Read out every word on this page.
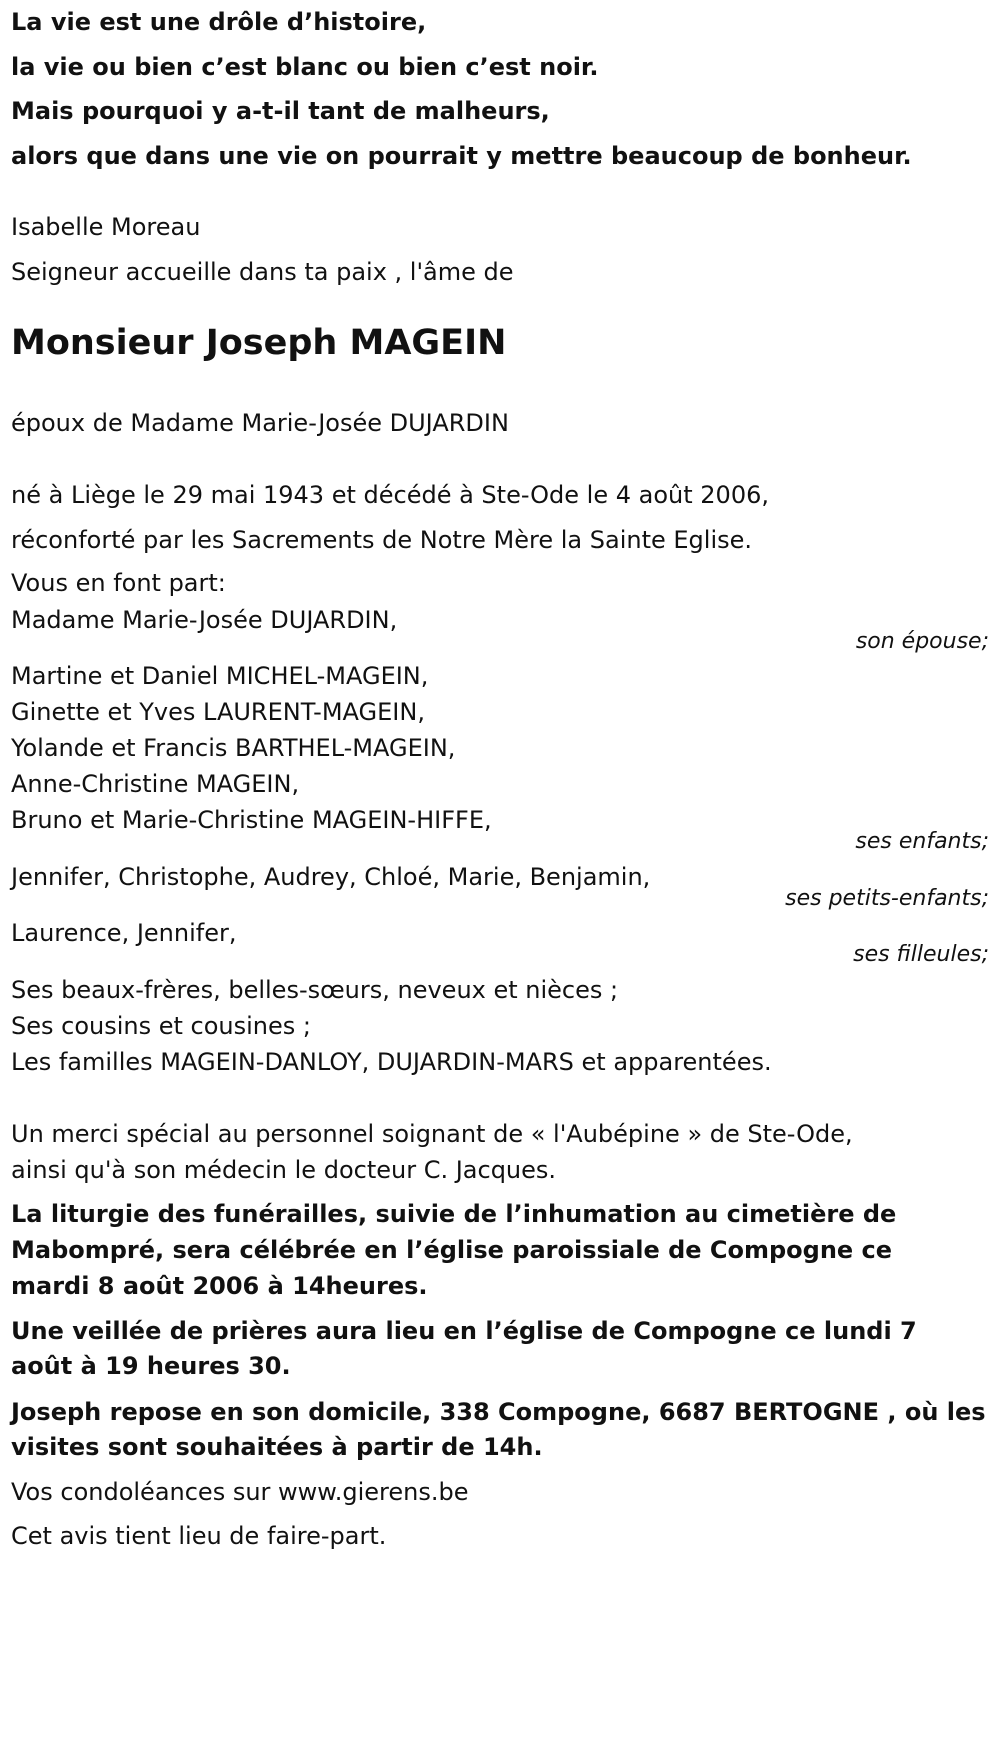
La vie est une drôle d’histoire,
la vie ou bien c’est blanc ou bien c’est noir.
Mais pourquoi y a-t-il tant de malheurs,
alors que dans une vie on pourrait y mettre beaucoup de bonheur.
Isabelle Moreau
Seigneur accueille dans ta paix , l'âme de
Monsieur Joseph MAGEIN
époux de Madame Marie-Josée DUJARDIN
né à Liège le 29 mai 1943 et décédé à Ste-Ode le 4 août 2006,
réconforté par les Sacrements de Notre Mère la Sainte Eglise.
Vous en font part:
Madame Marie-Josée DUJARDIN,
son épouse;
Martine et Daniel MICHEL-MAGEIN,
Ginette et Yves LAURENT-MAGEIN,
Yolande et Francis BARTHEL-MAGEIN,
Anne-Christine MAGEIN,
Bruno et Marie-Christine MAGEIN-HIFFE,
ses enfants;
Jennifer, Christophe, Audrey, Chloé, Marie, Benjamin,
ses petits-enfants;
Laurence, Jennifer,
ses filleules;
Ses beaux-frères, belles-sœurs, neveux et nièces ;
Ses cousins et cousines ;
Les familles MAGEIN-DANLOY, DUJARDIN-MARS et apparentées.
Un merci spécial au personnel soignant de « l'Aubépine » de Ste-Ode,
ainsi qu'à son médecin le docteur C. Jacques.
La liturgie des funérailles, suivie de l’inhumation au cimetière de
Mabompré, sera célébrée en l’église paroissiale de Compogne ce
mardi 8 août 2006 à 14heures.
Une veillée de prières aura lieu en l’église de Compogne ce lundi 7
août à 19 heures 30.
Joseph repose en son domicile, 338 Compogne, 6687 BERTOGNE , où les
visites sont souhaitées à partir de 14h.
Vos condoléances sur www.gierens.be
Cet avis tient lieu de faire-part.
